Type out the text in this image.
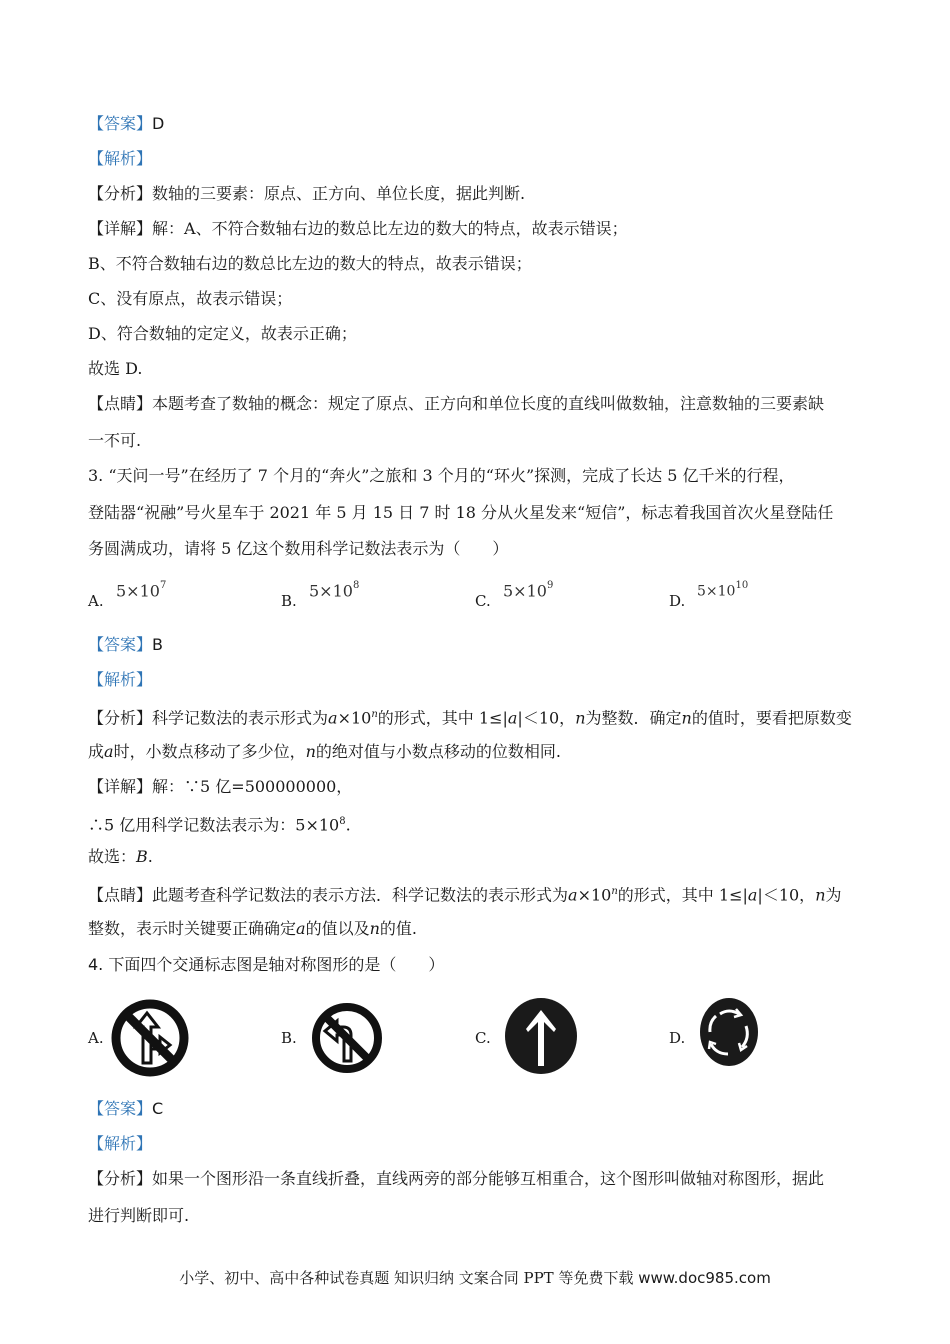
【答案】D
【解析】
【分析】数轴的三要素：原点、正方向、单位长度，据此判断.
【详解】解：A、不符合数轴右边的数总比左边的数大的特点，故表示错误；
B、不符合数轴右边的数总比左边的数大的特点，故表示错误；
C、没有原点，故表示错误；
D、符合数轴的定定义，故表示正确；
故选 D.
【点睛】本题考查了数轴的概念：规定了原点、正方向和单位长度的直线叫做数轴，注意数轴的三要素缺
一不可.
3. “天问一号”在经历了 7 个月的“奔火”之旅和 3 个月的“环火”探测，完成了长达 5 亿千米的行程，
登陆器“祝融”号火星车于 2021 年 5 月 15 日 7 时 18 分从火星发来“短信”，标志着我国首次火星登陆任
务圆满成功，请将 5 亿这个数用科学记数法表示为（　　）
A.
$5\times 10^7$
B.
$5\times 10^8$
C.
$5\times 10^9$
D.
$5\times 10^{10}$
【答案】B
【解析】
【分析】科学记数法的表示形式为$a\times 10^n$的形式，其中 1≤|a|＜10，n为整数．确定n的值时，要看把原数变
成a时，小数点移动了多少位，n的绝对值与小数点移动的位数相同.
【详解】解：∵5 亿=500000000，
∴5 亿用科学记数法表示为：$5\times 10^8$.
故选：B.
【点睛】此题考查科学记数法的表示方法．科学记数法的表示形式为$a\times 10^n$的形式，其中 1≤|a|＜10，n为
整数，表示时关键要正确确定a的值以及n的值.
4. 下面四个交通标志图是轴对称图形的是（　　）
A.	B.	C.	D.
【答案】C
【解析】
【分析】如果一个图形沿一条直线折叠，直线两旁的部分能够互相重合，这个图形叫做轴对称图形，据此
进行判断即可.
小学、初中、高中各种试卷真题 知识归纳 文案合同 PPT 等免费下载 www.doc985.com
